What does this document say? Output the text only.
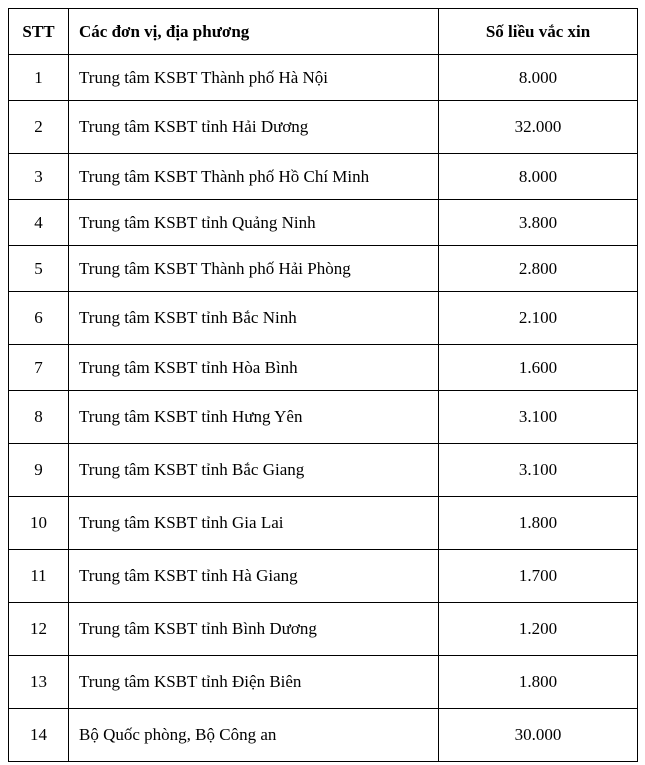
STT	Các đơn vị, địa phương	Số liều vắc xin
1	Trung tâm KSBT Thành phố Hà Nội	8.000
2	Trung tâm KSBT tỉnh Hải Dương	32.000
3	Trung tâm KSBT Thành phố Hồ Chí Minh	8.000
4	Trung tâm KSBT tỉnh Quảng Ninh	3.800
5	Trung tâm KSBT Thành phố Hải Phòng	2.800
6	Trung tâm KSBT tỉnh Bắc Ninh	2.100
7	Trung tâm KSBT tỉnh Hòa Bình	1.600
8	Trung tâm KSBT tỉnh Hưng Yên	3.100
9	Trung tâm KSBT tỉnh Bắc Giang	3.100
10	Trung tâm KSBT tỉnh Gia Lai	1.800
11	Trung tâm KSBT tỉnh Hà Giang	1.700
12	Trung tâm KSBT tỉnh Bình Dương	1.200
13	Trung tâm KSBT tỉnh Điện Biên	1.800
14	Bộ Quốc phòng, Bộ Công an	30.000
